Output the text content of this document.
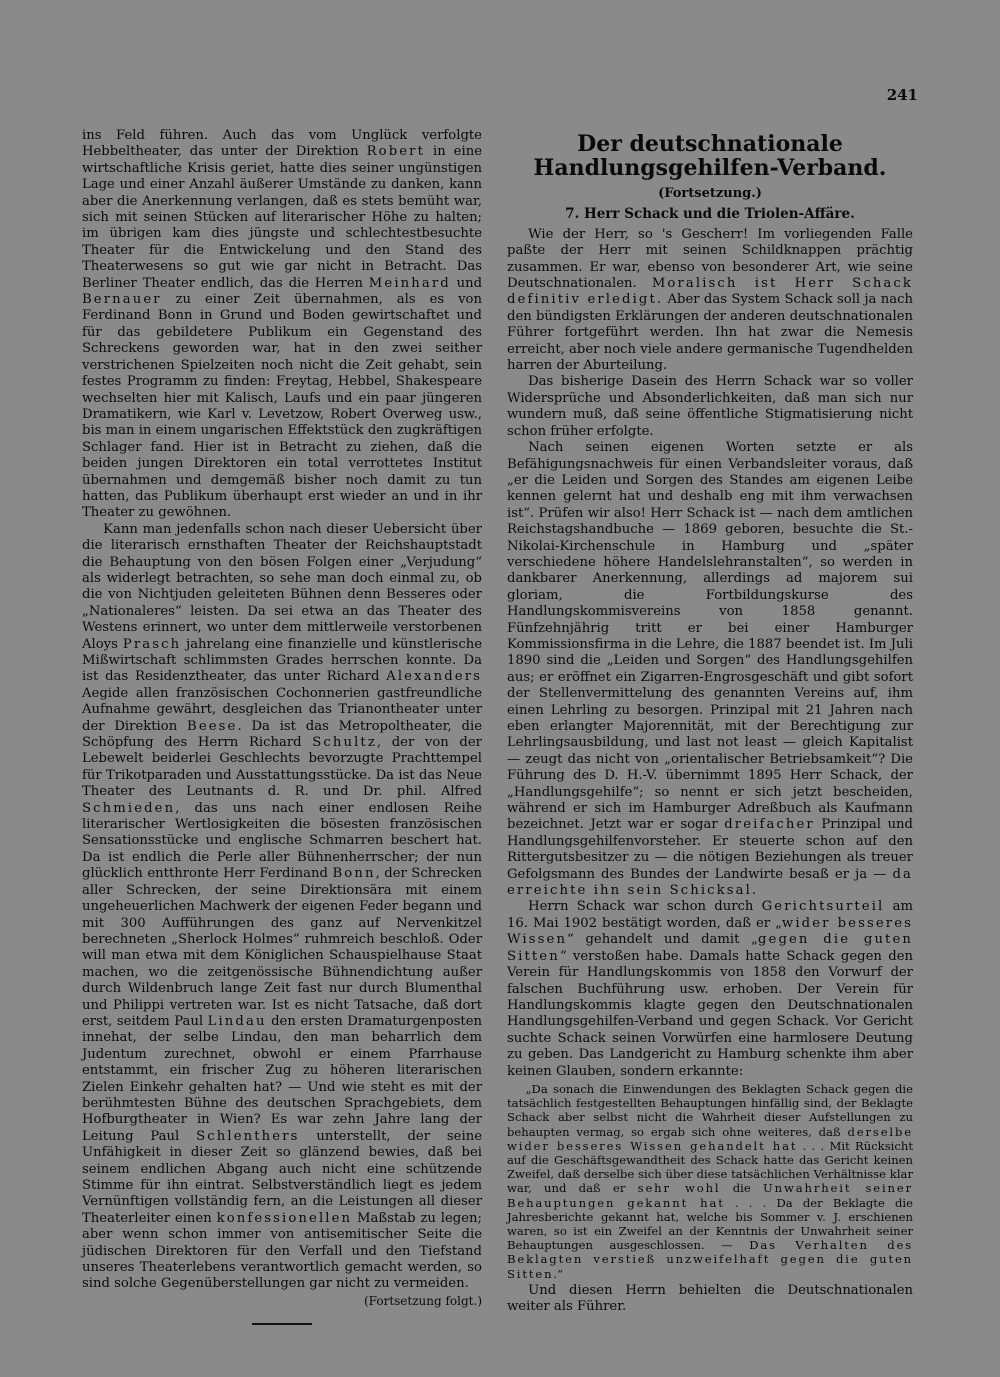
241

ins Feld führen. Auch das vom Unglück verfolgte Hebbeltheater, das unter der Direktion Robert in eine wirtschaftliche Krisis geriet, hatte dies seiner ungünstigen Lage und einer Anzahl äußerer Umstände zu danken, kann aber die Anerkennung verlangen, daß es stets bemüht war, sich mit seinen Stücken auf literarischer Höhe zu halten; im übrigen kam dies jüngste und schlechtestbesuchte Theater für die Entwickelung und den Stand des Theaterwesens so gut wie gar nicht in Betracht. Das Berliner Theater endlich, das die Herren Meinhard und Bernauer zu einer Zeit übernahmen, als es von Ferdinand Bonn in Grund und Boden gewirtschaftet und für das gebildetere Publikum ein Gegenstand des Schreckens geworden war, hat in den zwei seither verstrichenen Spielzeiten noch nicht die Zeit gehabt, sein festes Programm zu finden: Freytag, Hebbel, Shakespeare wechselten hier mit Kalisch, Laufs und ein paar jüngeren Dramatikern, wie Karl v. Levetzow, Robert Overweg usw., bis man in einem ungarischen Effektstück den zugkräftigen Schlager fand. Hier ist in Betracht zu ziehen, daß die beiden jungen Direktoren ein total verrottetes Institut übernahmen und demgemäß bisher noch damit zu tun hatten, das Publikum überhaupt erst wieder an und in ihr Theater zu gewöhnen.

Kann man jedenfalls schon nach dieser Uebersicht über die literarisch ernsthaften Theater der Reichshauptstadt die Behauptung von den bösen Folgen einer „Verjudung“ als widerlegt betrachten, so sehe man doch einmal zu, ob die von Nichtjuden geleiteten Bühnen denn Besseres oder „Nationaleres“ leisten. Da sei etwa an das Theater des Westens erinnert, wo unter dem mittlerweile verstorbenen Aloys Prasch jahrelang eine finanzielle und künstlerische Mißwirtschaft schlimmsten Grades herrschen konnte. Da ist das Residenztheater, das unter Richard Alexanders Aegide allen französischen Cochonnerien gastfreundliche Aufnahme gewährt, desgleichen das Trianontheater unter der Direktion Beese. Da ist das Metropoltheater, die Schöpfung des Herrn Richard Schultz, der von der Lebewelt beiderlei Geschlechts bevorzugte Prachttempel für Trikotparaden und Ausstattungsstücke. Da ist das Neue Theater des Leutnants d. R. und Dr. phil. Alfred Schmieden, das uns nach einer endlosen Reihe literarischer Wertlosigkeiten die bösesten französischen Sensationsstücke und englische Schmarren beschert hat. Da ist endlich die Perle aller Bühnenherrscher; der nun glücklich entthronte Herr Ferdinand Bonn, der Schrecken aller Schrecken, der seine Direktionsära mit einem ungeheuerlichen Machwerk der eigenen Feder begann und mit 300 Aufführungen des ganz auf Nervenkitzel berechneten „Sherlock Holmes“ ruhmreich beschloß. Oder will man etwa mit dem Königlichen Schauspielhause Staat machen, wo die zeitgenössische Bühnendichtung außer durch Wildenbruch lange Zeit fast nur durch Blumenthal und Philippi vertreten war. Ist es nicht Tatsache, daß dort erst, seitdem Paul Lindau den ersten Dramaturgenposten innehat, der selbe Lindau, den man beharrlich dem Judentum zurechnet, obwohl er einem Pfarrhause entstammt, ein frischer Zug zu höheren literarischen Zielen Einkehr gehalten hat? — Und wie steht es mit der berühmtesten Bühne des deutschen Sprachgebiets, dem Hofburgtheater in Wien? Es war zehn Jahre lang der Leitung Paul Schlenthers unterstellt, der seine Unfähigkeit in dieser Zeit so glänzend bewies, daß bei seinem endlichen Abgang auch nicht eine schützende Stimme für ihn eintrat. Selbstverständlich liegt es jedem Vernünftigen vollständig fern, an die Leistungen all dieser Theaterleiter einen konfessionellen Maßstab zu legen; aber wenn schon immer von antisemitischer Seite die jüdischen Direktoren für den Verfall und den Tiefstand unseres Theaterlebens verantwortlich gemacht werden, so sind solche Gegenüberstellungen gar nicht zu vermeiden.

(Fortsetzung folgt.)
Der deutschnationale Handlungsgehilfen-Verband.
(Fortsetzung.)
7. Herr Schack und die Triolen-Affäre.

Wie der Herr, so 's Gescherr! Im vorliegenden Falle paßte der Herr mit seinen Schildknappen prächtig zusammen. Er war, ebenso von besonderer Art, wie seine Deutschnationalen. Moralisch ist Herr Schack definitiv erledigt. Aber das System Schack soll ja nach den bündigsten Erklärungen der anderen deutschnationalen Führer fortgeführt werden. Ihn hat zwar die Nemesis erreicht, aber noch viele andere germanische Tugendhelden harren der Aburteilung.

Das bisherige Dasein des Herrn Schack war so voller Widersprüche und Absonderlichkeiten, daß man sich nur wundern muß, daß seine öffentliche Stigmatisierung nicht schon früher erfolgte.

Nach seinen eigenen Worten setzte er als Befähigungsnachweis für einen Verbandsleiter voraus, daß „er die Leiden und Sorgen des Standes am eigenen Leibe kennen gelernt hat und deshalb eng mit ihm verwachsen ist“. Prüfen wir also! Herr Schack ist — nach dem amtlichen Reichstagshandbuche — 1869 geboren, besuchte die St.-Nikolai-Kirchenschule in Hamburg und „später verschiedene höhere Handelslehranstalten“, so werden in dankbarer Anerkennung, allerdings ad majorem sui gloriam, die Fortbildungskurse des Handlungskommisvereins von 1858 genannt. Fünfzehnjährig tritt er bei einer Hamburger Kommissionsfirma in die Lehre, die 1887 beendet ist. Im Juli 1890 sind die „Leiden und Sorgen“ des Handlungsgehilfen aus; er eröffnet ein Zigarren-Engrosgeschäft und gibt sofort der Stellenvermittelung des genannten Vereins auf, ihm einen Lehrling zu besorgen. Prinzipal mit 21 Jahren nach eben erlangter Majorennität, mit der Berechtigung zur Lehrlingsausbildung, und last not least — gleich Kapitalist — zeugt das nicht von „orientalischer Betriebsamkeit“? Die Führung des D. H.-V. übernimmt 1895 Herr Schack, der „Handlungsgehilfe“; so nennt er sich jetzt bescheiden, während er sich im Hamburger Adreßbuch als Kaufmann bezeichnet. Jetzt war er sogar dreifacher Prinzipal und Handlungsgehilfenvorsteher. Er steuerte schon auf den Rittergutsbesitzer zu — die nötigen Beziehungen als treuer Gefolgsmann des Bundes der Landwirte besaß er ja — da erreichte ihn sein Schicksal.

Herrn Schack war schon durch Gerichtsurteil am 16. Mai 1902 bestätigt worden, daß er „wider besseres Wissen“ gehandelt und damit „gegen die guten Sitten“ verstoßen habe. Damals hatte Schack gegen den Verein für Handlungskommis von 1858 den Vorwurf der falschen Buchführung usw. erhoben. Der Verein für Handlungskommis klagte gegen den Deutschnationalen Handlungsgehilfen-Verband und gegen Schack. Vor Gericht suchte Schack seinen Vorwürfen eine harmlosere Deutung zu geben. Das Landgericht zu Hamburg schenkte ihm aber keinen Glauben, sondern erkannte:

„Da sonach die Einwendungen des Beklagten Schack gegen die tatsächlich festgestellten Behauptungen hinfällig sind, der Beklagte Schack aber selbst nicht die Wahrheit dieser Aufstellungen zu behaupten vermag, so ergab sich ohne weiteres, daß derselbe wider besseres Wissen gehandelt hat . . . Mit Rücksicht auf die Geschäftsgewandtheit des Schack hatte das Gericht keinen Zweifel, daß derselbe sich über diese tatsächlichen Verhältnisse klar war, und daß er sehr wohl die Unwahrheit seiner Behauptungen gekannt hat . . . Da der Beklagte die Jahresberichte gekannt hat, welche bis Sommer v. J. erschienen waren, so ist ein Zweifel an der Kenntnis der Unwahrheit seiner Behauptungen ausgeschlossen. — Das Verhalten des Beklagten verstieß unzweifelhaft gegen die guten Sitten.“

Und diesen Herrn behielten die Deutschnationalen weiter als Führer.
